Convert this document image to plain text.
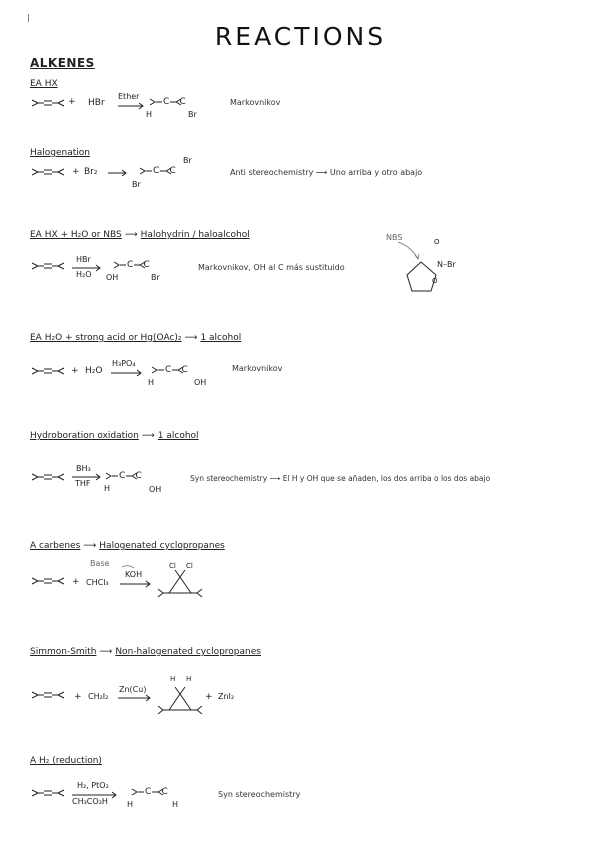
REACTIONS
ALKENES
EA HX
+ HBr
Ether
C – C
H	Br
Markovnikov
Halogenation
+ Br₂	C – C
Br
Br
Anti stereochemistry ⟶ Uno arriba y otro abajo
EA HX + H₂O or NBS ⟶ Halohydrin / haloalcohol
HBr
H₂O
C – C
OH	Br
Markovnikov, OH al C más sustituido
NBS	O
N–Br
O
EA H₂O + strong acid or Hg(OAc)₂ ⟶ 1 alcohol
+ H₂O
H₃PO₄
C – C
H	OH
Markovnikov
Hydroboration oxidation ⟶ 1 alcohol
BH₃
THF
C – C
H	OH
Syn stereochemistry ⟶ El H y OH que se añaden, los dos arriba o los dos abajo
A carbenes ⟶ Halogenated cyclopropanes
+ CHCl₃
Base
KOH
Cl Cl
Simmon-Smith ⟶ Non-halogenated cyclopropanes
+ CH₂I₂
Zn(Cu)
H H
+ ZnI₂
A H₂ (reduction)
H₂, PtO₂
CH₃CO₂H
C – C
H	H
Syn stereochemistry
